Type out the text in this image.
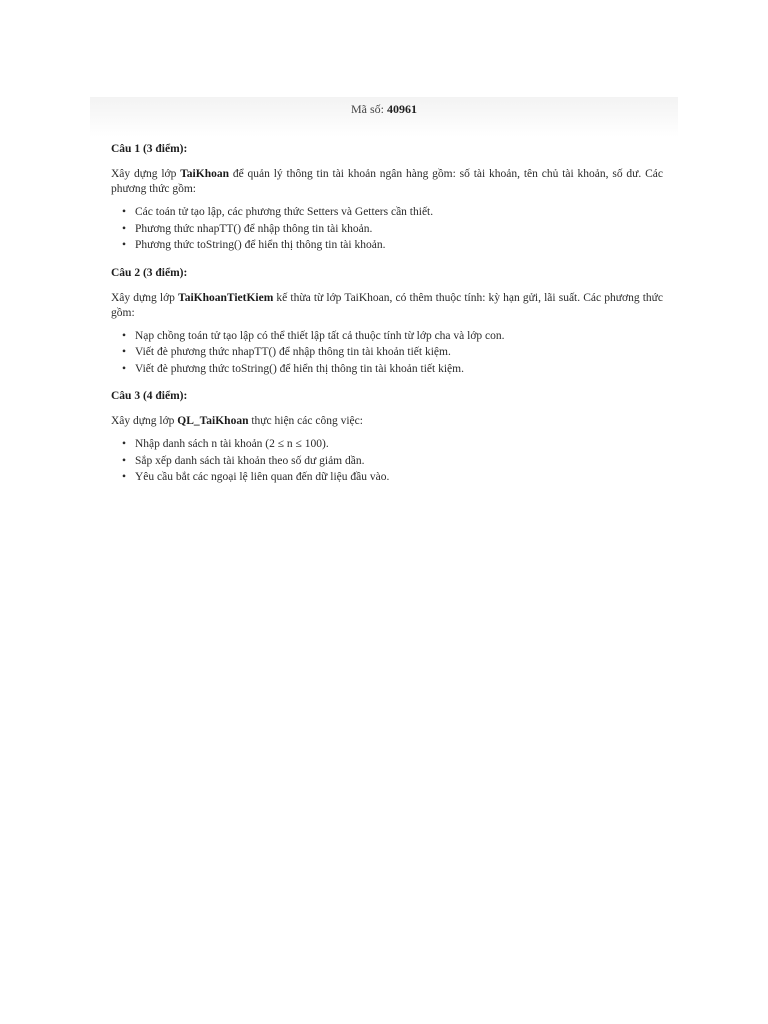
Mã số: 40961

Câu 1 (3 điểm):

Xây dựng lớp TaiKhoan để quản lý thông tin tài khoản ngân hàng gồm: số tài khoản, tên chủ tài khoản, số dư. Các phương thức gồm:

• Các toán tử tạo lập, các phương thức Setters và Getters cần thiết.
• Phương thức nhapTT() để nhập thông tin tài khoản.
• Phương thức toString() để hiển thị thông tin tài khoản.

Câu 2 (3 điểm):

Xây dựng lớp TaiKhoanTietKiem kế thừa từ lớp TaiKhoan, có thêm thuộc tính: kỳ hạn gửi, lãi suất. Các phương thức gồm:

• Nạp chồng toán tử tạo lập có thể thiết lập tất cả thuộc tính từ lớp cha và lớp con.
• Viết đè phương thức nhapTT() để nhập thông tin tài khoản tiết kiệm.
• Viết đè phương thức toString() để hiển thị thông tin tài khoản tiết kiệm.

Câu 3 (4 điểm):

Xây dựng lớp QL_TaiKhoan thực hiện các công việc:

• Nhập danh sách n tài khoản (2 ≤ n ≤ 100).
• Sắp xếp danh sách tài khoản theo số dư giảm dần.
• Yêu cầu bắt các ngoại lệ liên quan đến dữ liệu đầu vào.
